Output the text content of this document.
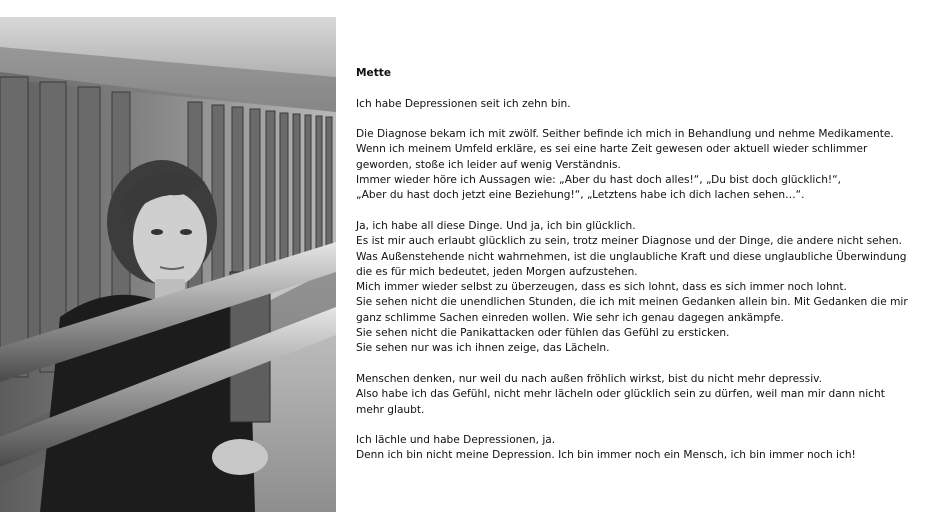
Mette
Ich habe Depressionen seit ich zehn bin.
Die Diagnose bekam ich mit zwölf. Seither befinde ich mich in Behandlung und nehme Medikamente.
Wenn ich meinem Umfeld erkläre, es sei eine harte Zeit gewesen oder aktuell wieder schlimmer
geworden, stoße ich leider auf wenig Verständnis.
Immer wieder höre ich Aussagen wie: „Aber du hast doch alles!“, „Du bist doch glücklich!“,
„Aber du hast doch jetzt eine Beziehung!“, „Letztens habe ich dich lachen sehen…“.
Ja, ich habe all diese Dinge. Und ja, ich bin glücklich.
Es ist mir auch erlaubt glücklich zu sein, trotz meiner Diagnose und der Dinge, die andere nicht sehen.
Was Außenstehende nicht wahrnehmen, ist die unglaubliche Kraft und diese unglaubliche Überwindung
die es für mich bedeutet, jeden Morgen aufzustehen.
Mich immer wieder selbst zu überzeugen, dass es sich lohnt, dass es sich immer noch lohnt.
Sie sehen nicht die unendlichen Stunden, die ich mit meinen Gedanken allein bin. Mit Gedanken die mir
ganz schlimme Sachen einreden wollen. Wie sehr ich genau dagegen ankämpfe.
Sie sehen nicht die Panikattacken oder fühlen das Gefühl zu ersticken.
Sie sehen nur was ich ihnen zeige, das Lächeln.
Menschen denken, nur weil du nach außen fröhlich wirkst, bist du nicht mehr depressiv.
Also habe ich das Gefühl, nicht mehr lächeln oder glücklich sein zu dürfen, weil man mir dann nicht
mehr glaubt.
Ich lächle und habe Depressionen, ja.
Denn ich bin nicht meine Depression. Ich bin immer noch ein Mensch, ich bin immer noch ich!
